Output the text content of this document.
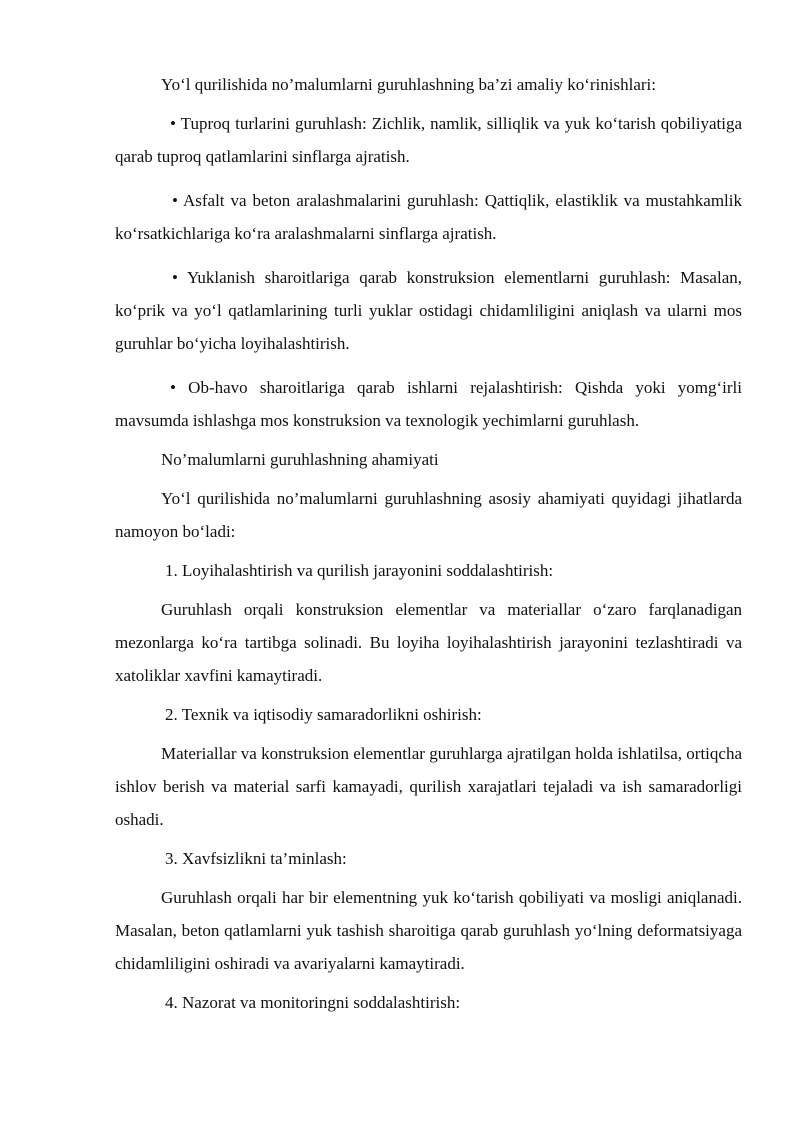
Yo‘l qurilishida no’malumlarni guruhlashning ba’zi amaliy ko‘rinishlari:

• Tuproq turlarini guruhlash: Zichlik, namlik, silliqlik va yuk ko‘tarish qobiliyatiga qarab tuproq qatlamlarini sinflarga ajratish.

• Asfalt va beton aralashmalarini guruhlash: Qattiqlik, elastiklik va mustahkamlik ko‘rsatkichlariga ko‘ra aralashmalarni sinflarga ajratish.

• Yuklanish sharoitlariga qarab konstruksion elementlarni guruhlash: Masalan, ko‘prik va yo‘l qatlamlarining turli yuklar ostidagi chidamliligini aniqlash va ularni mos guruhlar bo‘yicha loyihalashtirish.

• Ob-havo sharoitlariga qarab ishlarni rejalashtirish: Qishda yoki yomg‘irli mavsumda ishlashga mos konstruksion va texnologik yechimlarni guruhlash.

No’malumlarni guruhlashning ahamiyati

Yo‘l qurilishida no’malumlarni guruhlashning asosiy ahamiyati quyidagi jihatlarda namoyon bo‘ladi:

1. Loyihalashtirish va qurilish jarayonini soddalashtirish:

Guruhlash orqali konstruksion elementlar va materiallar o‘zaro farqlanadigan mezonlarga ko‘ra tartibga solinadi. Bu loyiha loyihalashtirish jarayonini tezlashtiradi va xatoliklar xavfini kamaytiradi.

2. Texnik va iqtisodiy samaradorlikni oshirish:

Materiallar va konstruksion elementlar guruhlarga ajratilgan holda ishlatilsa, ortiqcha ishlov berish va material sarfi kamayadi, qurilish xarajatlari tejaladi va ish samaradorligi oshadi.

3. Xavfsizlikni ta’minlash:

Guruhlash orqali har bir elementning yuk ko‘tarish qobiliyati va mosligi aniqlanadi. Masalan, beton qatlamlarni yuk tashish sharoitiga qarab guruhlash yo‘lning deformatsiyaga chidamliligini oshiradi va avariyalarni kamaytiradi.

4. Nazorat va monitoringni soddalashtirish:
